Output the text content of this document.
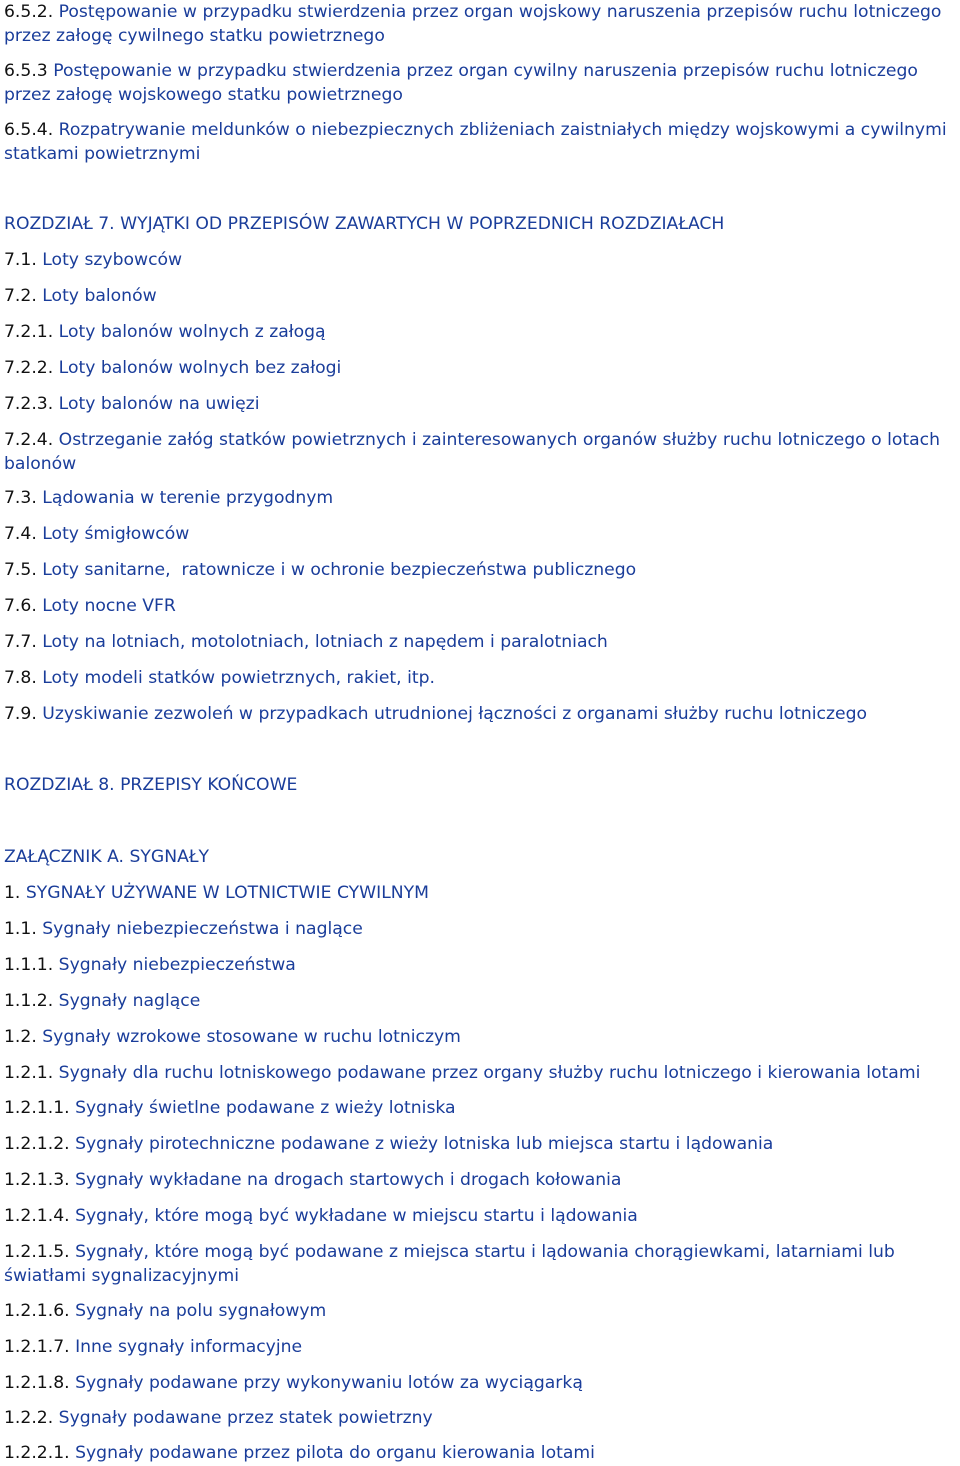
6.5.2. Postępowanie w przypadku stwierdzenia przez organ wojskowy naruszenia przepisów ruchu lotniczego przez załogę cywilnego statku powietrznego

6.5.3 Postępowanie w przypadku stwierdzenia przez organ cywilny naruszenia przepisów ruchu lotniczego przez załogę wojskowego statku powietrznego

6.5.4. Rozpatrywanie meldunków o niebezpiecznych zbliżeniach zaistniałych między wojskowymi a cywilnymi statkami powietrznymi

ROZDZIAŁ 7. WYJĄTKI OD PRZEPISÓW ZAWARTYCH W POPRZEDNICH ROZDZIAŁACH

7.1. Loty szybowców

7.2. Loty balonów

7.2.1. Loty balonów wolnych z załogą

7.2.2. Loty balonów wolnych bez załogi

7.2.3. Loty balonów na uwięzi

7.2.4. Ostrzeganie załóg statków powietrznych i zainteresowanych organów służby ruchu lotniczego o lotach balonów

7.3. Lądowania w terenie przygodnym

7.4. Loty śmigłowców

7.5. Loty sanitarne,  ratownicze i w ochronie bezpieczeństwa publicznego

7.6. Loty nocne VFR

7.7. Loty na lotniach, motolotniach, lotniach z napędem i paralotniach

7.8. Loty modeli statków powietrznych, rakiet, itp.

7.9. Uzyskiwanie zezwoleń w przypadkach utrudnionej łączności z organami służby ruchu lotniczego

ROZDZIAŁ 8. PRZEPISY KOŃCOWE

ZAŁĄCZNIK A. SYGNAŁY

1. SYGNAŁY UŻYWANE W LOTNICTWIE CYWILNYM

1.1. Sygnały niebezpieczeństwa i naglące

1.1.1. Sygnały niebezpieczeństwa

1.1.2. Sygnały naglące

1.2. Sygnały wzrokowe stosowane w ruchu lotniczym

1.2.1. Sygnały dla ruchu lotniskowego podawane przez organy służby ruchu lotniczego i kierowania lotami

1.2.1.1. Sygnały świetlne podawane z wieży lotniska

1.2.1.2. Sygnały pirotechniczne podawane z wieży lotniska lub miejsca startu i lądowania

1.2.1.3. Sygnały wykładane na drogach startowych i drogach kołowania

1.2.1.4. Sygnały, które mogą być wykładane w miejscu startu i lądowania

1.2.1.5. Sygnały, które mogą być podawane z miejsca startu i lądowania chorągiewkami, latarniami lub światłami sygnalizacyjnymi

1.2.1.6. Sygnały na polu sygnałowym

1.2.1.7. Inne sygnały informacyjne

1.2.1.8. Sygnały podawane przy wykonywaniu lotów za wyciągarką

1.2.2. Sygnały podawane przez statek powietrzny

1.2.2.1. Sygnały podawane przez pilota do organu kierowania lotami
